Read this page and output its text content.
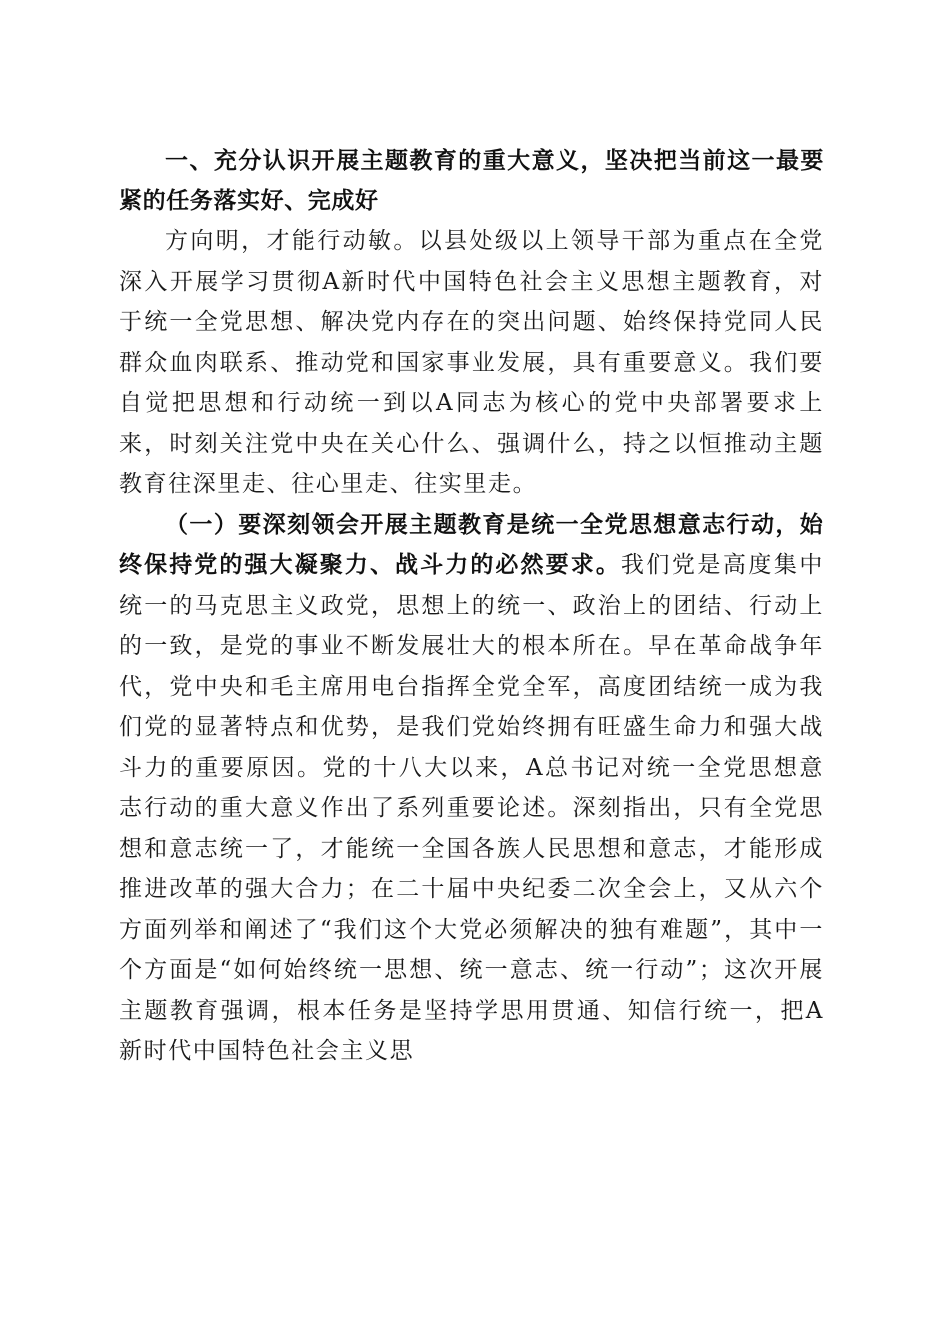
一、充分认识开展主题教育的重大意义，坚决把当前这一最要紧的任务落实好、完成好

方向明，才能行动敏。以县处级以上领导干部为重点在全党深入开展学习贯彻A新时代中国特色社会主义思想主题教育，对于统一全党思想、解决党内存在的突出问题、始终保持党同人民群众血肉联系、推动党和国家事业发展，具有重要意义。我们要自觉把思想和行动统一到以A同志为核心的党中央部署要求上来，时刻关注党中央在关心什么、强调什么，持之以恒推动主题教育往深里走、往心里走、往实里走。

（一）要深刻领会开展主题教育是统一全党思想意志行动，始终保持党的强大凝聚力、战斗力的必然要求。我们党是高度集中统一的马克思主义政党，思想上的统一、政治上的团结、行动上的一致，是党的事业不断发展壮大的根本所在。早在革命战争年代，党中央和毛主席用电台指挥全党全军，高度团结统一成为我们党的显著特点和优势，是我们党始终拥有旺盛生命力和强大战斗力的重要原因。党的十八大以来，A总书记对统一全党思想意志行动的重大意义作出了系列重要论述。深刻指出，只有全党思想和意志统一了，才能统一全国各族人民思想和意志，才能形成推进改革的强大合力；在二十届中央纪委二次全会上，又从六个方面列举和阐述了“我们这个大党必须解决的独有难题”，其中一个方面是“如何始终统一思想、统一意志、统一行动”；这次开展主题教育强调，根本任务是坚持学思用贯通、知信行统一，把A新时代中国特色社会主义思
